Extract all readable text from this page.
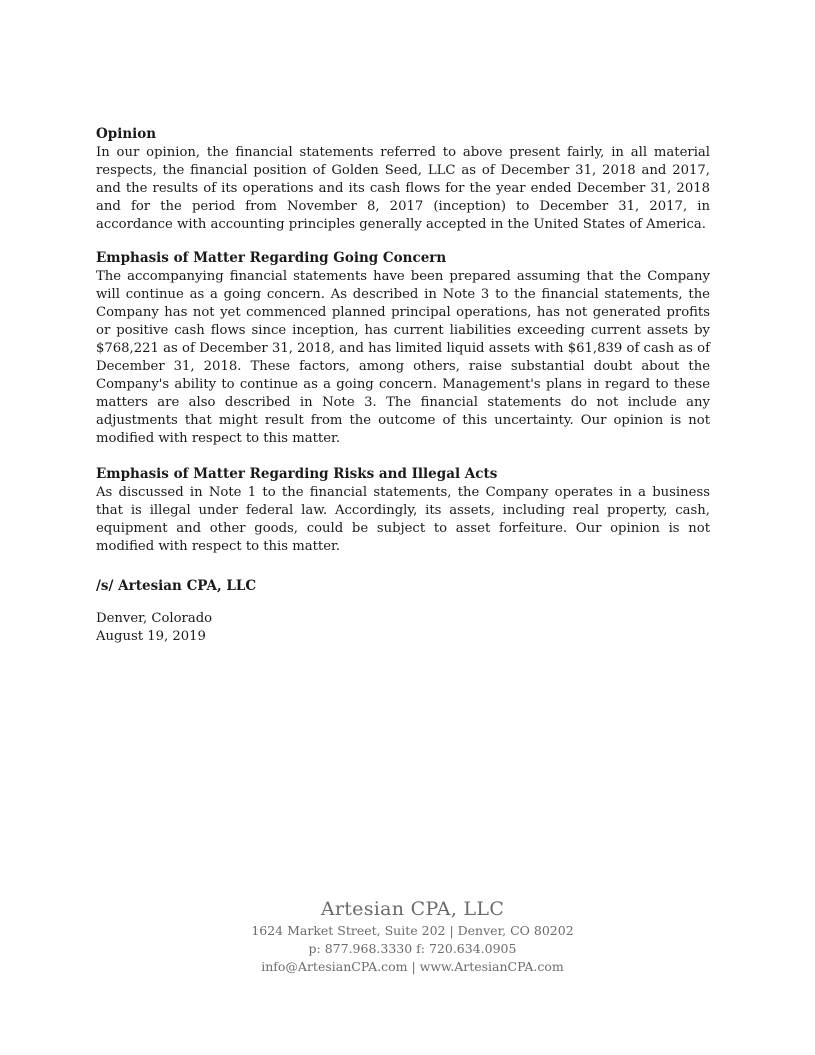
Opinion

In our opinion, the financial statements referred to above present fairly, in all material respects, the financial position of Golden Seed, LLC as of December 31, 2018 and 2017, and the results of its operations and its cash flows for the year ended December 31, 2018 and for the period from November 8, 2017 (inception) to December 31, 2017, in accordance with accounting principles generally accepted in the United States of America.

Emphasis of Matter Regarding Going Concern

The accompanying financial statements have been prepared assuming that the Company will continue as a going concern. As described in Note 3 to the financial statements, the Company has not yet commenced planned principal operations, has not generated profits or positive cash flows since inception, has current liabilities exceeding current assets by $768,221 as of December 31, 2018, and has limited liquid assets with $61,839 of cash as of December 31, 2018. These factors, among others, raise substantial doubt about the Company's ability to continue as a going concern. Management's plans in regard to these matters are also described in Note 3. The financial statements do not include any adjustments that might result from the outcome of this uncertainty. Our opinion is not modified with respect to this matter.

Emphasis of Matter Regarding Risks and Illegal Acts

As discussed in Note 1 to the financial statements, the Company operates in a business that is illegal under federal law. Accordingly, its assets, including real property, cash, equipment and other goods, could be subject to asset forfeiture. Our opinion is not modified with respect to this matter.

/s/ Artesian CPA, LLC
Denver, Colorado
August 19, 2019
Artesian CPA, LLC
1624 Market Street, Suite 202 | Denver, CO 80202
p: 877.968.3330 f: 720.634.0905
info@ArtesianCPA.com | www.ArtesianCPA.com
